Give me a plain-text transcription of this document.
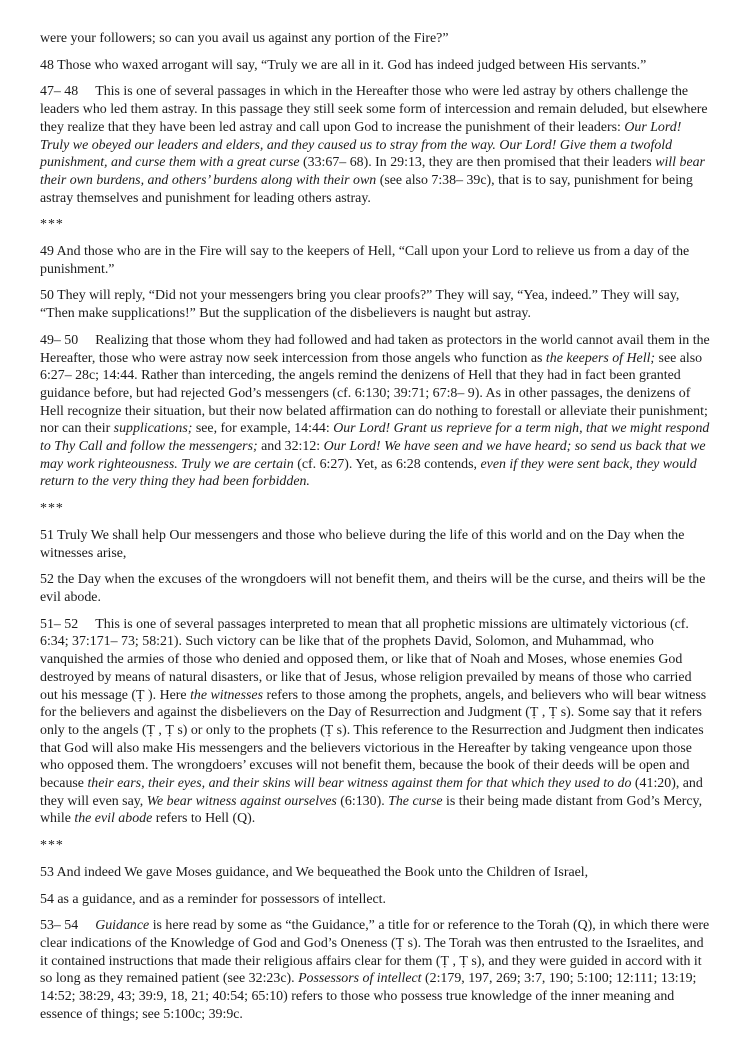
were your followers; so can you avail us against any portion of the Fire?”

48 Those who waxed arrogant will say, “Truly we are all in it. God has indeed judged between His servants.”

47– 48 This is one of several passages in which in the Hereafter those who were led astray by others challenge the leaders who led them astray. In this passage they still seek some form of intercession and remain deluded, but elsewhere they realize that they have been led astray and call upon God to increase the punishment of their leaders: Our Lord! Truly we obeyed our leaders and elders, and they caused us to stray from the way. Our Lord! Give them a twofold punishment, and curse them with a great curse (33:67– 68). In 29:13, they are then promised that their leaders will bear their own burdens, and others’ burdens along with their own (see also 7:38– 39c), that is to say, punishment for being astray themselves and punishment for leading others astray.

***

49 And those who are in the Fire will say to the keepers of Hell, “Call upon your Lord to relieve us from a day of the punishment.”

50 They will reply, “Did not your messengers bring you clear proofs?” They will say, “Yea, indeed.” They will say, “Then make supplications!” But the supplication of the disbelievers is naught but astray.

49– 50 Realizing that those whom they had followed and had taken as protectors in the world cannot avail them in the Hereafter, those who were astray now seek intercession from those angels who function as the keepers of Hell; see also 6:27– 28c; 14:44. Rather than interceding, the angels remind the denizens of Hell that they had in fact been granted guidance before, but had rejected God’s messengers (cf. 6:130; 39:71; 67:8– 9). As in other passages, the denizens of Hell recognize their situation, but their now belated affirmation can do nothing to forestall or alleviate their punishment; nor can their supplications; see, for example, 14:44: Our Lord! Grant us reprieve for a term nigh, that we might respond to Thy Call and follow the messengers; and 32:12: Our Lord! We have seen and we have heard; so send us back that we may work righteousness. Truly we are certain (cf. 6:27). Yet, as 6:28 contends, even if they were sent back, they would return to the very thing they had been forbidden.

***

51 Truly We shall help Our messengers and those who believe during the life of this world and on the Day when the witnesses arise,

52 the Day when the excuses of the wrongdoers will not benefit them, and theirs will be the curse, and theirs will be the evil abode.

51– 52 This is one of several passages interpreted to mean that all prophetic missions are ultimately victorious (cf. 6:34; 37:171– 73; 58:21). Such victory can be like that of the prophets David, Solomon, and Muhammad, who vanquished the armies of those who denied and opposed them, or like that of Noah and Moses, whose enemies God destroyed by means of natural disasters, or like that of Jesus, whose religion prevailed by means of those who carried out his message (Ṭ ). Here the witnesses refers to those among the prophets, angels, and believers who will bear witness for the believers and against the disbelievers on the Day of Resurrection and Judgment (Ṭ , Ṭ s). Some say that it refers only to the angels (Ṭ , Ṭ s) or only to the prophets (Ṭ s). This reference to the Resurrection and Judgment then indicates that God will also make His messengers and the believers victorious in the Hereafter by taking vengeance upon those who opposed them. The wrongdoers’ excuses will not benefit them, because the book of their deeds will be open and because their ears, their eyes, and their skins will bear witness against them for that which they used to do (41:20), and they will even say, We bear witness against ourselves (6:130). The curse is their being made distant from God’s Mercy, while the evil abode refers to Hell (Q).

***

53 And indeed We gave Moses guidance, and We bequeathed the Book unto the Children of Israel,

54 as a guidance, and as a reminder for possessors of intellect.

53– 54 Guidance is here read by some as “the Guidance,” a title for or reference to the Torah (Q), in which there were clear indications of the Knowledge of God and God’s Oneness (Ṭ s). The Torah was then entrusted to the Israelites, and it contained instructions that made their religious affairs clear for them (Ṭ , Ṭ s), and they were guided in accord with it so long as they remained patient (see 32:23c). Possessors of intellect (2:179, 197, 269; 3:7, 190; 5:100; 12:111; 13:19; 14:52; 38:29, 43; 39:9, 18, 21; 40:54; 65:10) refers to those who possess true knowledge of the inner meaning and essence of things; see 5:100c; 39:9c.
